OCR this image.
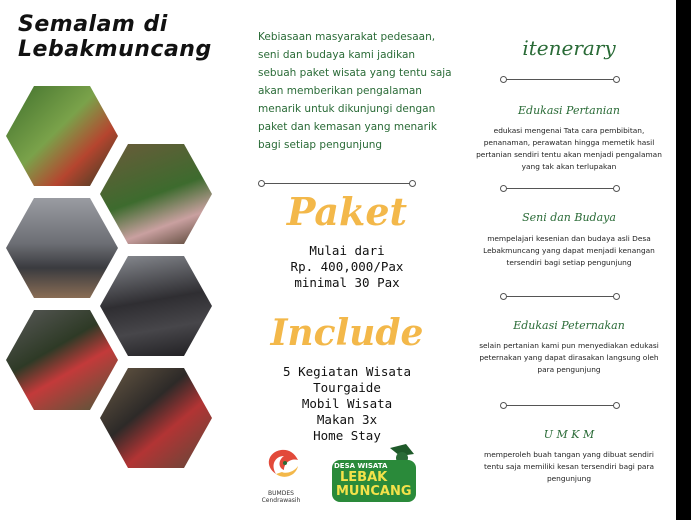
Semalam di
Lebakmuncang	Kebiasaan masyarakat pedesaan, seni dan budaya kami jadikan sebuah paket wisata yang tentu saja akan memberikan pengalaman menarik untuk dikunjungi dengan paket dan kemasan yang menarik bagi setiap pengunjung
Paket
Mulai dari
Rp. 400,000/Pax
minimal 30 Pax
Include
5 Kegiatan Wisata
Tourgaide
Mobil Wisata
Makan 3x
Home Stay
BUMDES Cendrawasih
DESA WISATA
LEBAK
MUNCANG
itenerary
Edukasi Pertanian
edukasi mengenai Tata cara pembibitan, penanaman, perawatan hingga memetik hasil pertanian sendiri tentu akan menjadi pengalaman yang tak akan terlupakan
Seni dan Budaya
mempelajari kesenian dan budaya asli Desa Lebakmuncang yang dapat menjadi kenangan tersendiri bagi setiap pengunjung
Edukasi Peternakan
selain pertanian kami pun menyediakan edukasi peternakan yang dapat dirasakan langsung oleh para pengunjung
U M K M
memperoleh buah tangan yang dibuat sendiri tentu saja memiliki kesan tersendiri bagi para pengunjung
